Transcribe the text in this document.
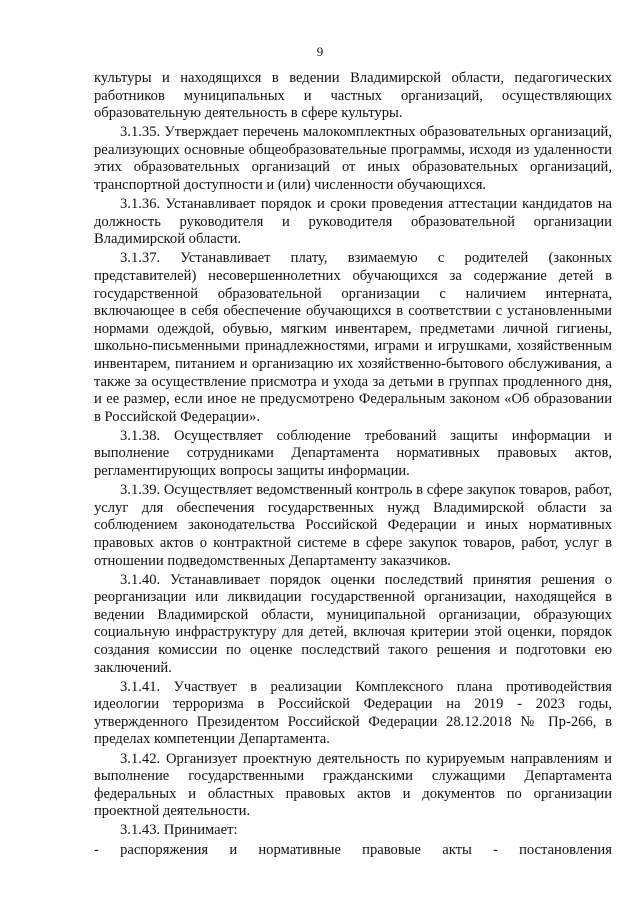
9

культуры и находящихся в ведении Владимирской области, педагогических работников муниципальных и частных организаций, осуществляющих образовательную деятельность в сфере культуры.

3.1.35. Утверждает перечень малокомплектных образовательных организаций, реализующих основные общеобразовательные программы, исходя из удаленности этих образовательных организаций от иных образовательных организаций, транспортной доступности и (или) численности обучающихся.

3.1.36. Устанавливает порядок и сроки проведения аттестации кандидатов на должность руководителя и руководителя образовательной организации Владимирской области.

3.1.37. Устанавливает плату, взимаемую с родителей (законных представителей) несовершеннолетних обучающихся за содержание детей в государственной образовательной организации с наличием интерната, включающее в себя обеспечение обучающихся в соответствии с установленными нормами одеждой, обувью, мягким инвентарем, предметами личной гигиены, школьно-письменными принадлежностями, играми и игрушками, хозяйственным инвентарем, питанием и организацию их хозяйственно-бытового обслуживания, а также за осуществление присмотра и ухода за детьми в группах продленного дня, и ее размер, если иное не предусмотрено Федеральным законом «Об образовании в Российской Федерации».

3.1.38. Осуществляет соблюдение требований защиты информации и выполнение сотрудниками Департамента нормативных правовых актов, регламентирующих вопросы защиты информации.

3.1.39. Осуществляет ведомственный контроль в сфере закупок товаров, работ, услуг для обеспечения государственных нужд Владимирской области за соблюдением законодательства Российской Федерации и иных нормативных правовых актов о контрактной системе в сфере закупок товаров, работ, услуг в отношении подведомственных Департаменту заказчиков.

3.1.40. Устанавливает порядок оценки последствий принятия решения о реорганизации или ликвидации государственной организации, находящейся в ведении Владимирской области, муниципальной организации, образующих социальную инфраструктуру для детей, включая критерии этой оценки, порядок создания комиссии по оценке последствий такого решения и подготовки ею заключений.

3.1.41. Участвует в реализации Комплексного плана противодействия идеологии терроризма в Российской Федерации на 2019 - 2023 годы, утвержденного Президентом Российской Федерации 28.12.2018 № Пр-266, в пределах компетенции Департамента.

3.1.42. Организует проектную деятельность по курируемым направлениям и выполнение государственными гражданскими служащими Департамента федеральных и областных правовых актов и документов по организации проектной деятельности.

3.1.43. Принимает:

- распоряжения и нормативные правовые акты - постановления
